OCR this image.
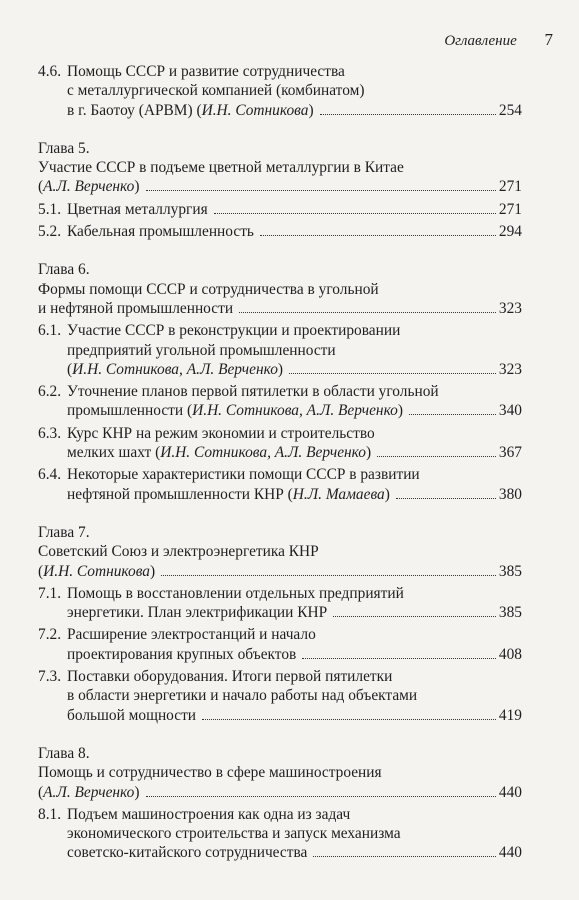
Оглавление 7
4.6. Помощь СССР и развитие сотрудничества
с металлургической компанией (комбинатом)
в г. Баотоу (АРВМ) (И.Н. Сотникова)	254
Глава 5.
Участие СССР в подъеме цветной металлургии в Китае
(А.Л. Верченко)	271
5.1. Цветная металлургия	271
5.2. Кабельная промышленность	294
Глава 6.
Формы помощи СССР и сотрудничества в угольной
и нефтяной промышленности	323
6.1. Участие СССР в реконструкции и проектировании
предприятий угольной промышленности
(И.Н. Сотникова, А.Л. Верченко)	323
6.2. Уточнение планов первой пятилетки в области угольной
промышленности (И.Н. Сотникова, А.Л. Верченко)	340
6.3. Курс КНР на режим экономии и строительство
мелких шахт (И.Н. Сотникова, А.Л. Верченко)	367
6.4. Некоторые характеристики помощи СССР в развитии
нефтяной промышленности КНР (Н.Л. Мамаева)	380
Глава 7.
Советский Союз и электроэнергетика КНР
(И.Н. Сотникова)	385
7.1. Помощь в восстановлении отдельных предприятий
энергетики. План электрификации КНР	385
7.2. Расширение электростанций и начало
проектирования крупных объектов	408
7.3. Поставки оборудования. Итоги первой пятилетки
в области энергетики и начало работы над объектами
большой мощности	419
Глава 8.
Помощь и сотрудничество в сфере машиностроения
(А.Л. Верченко)	440
8.1. Подъем машиностроения как одна из задач
экономического строительства и запуск механизма
советско-китайского сотрудничества	440
